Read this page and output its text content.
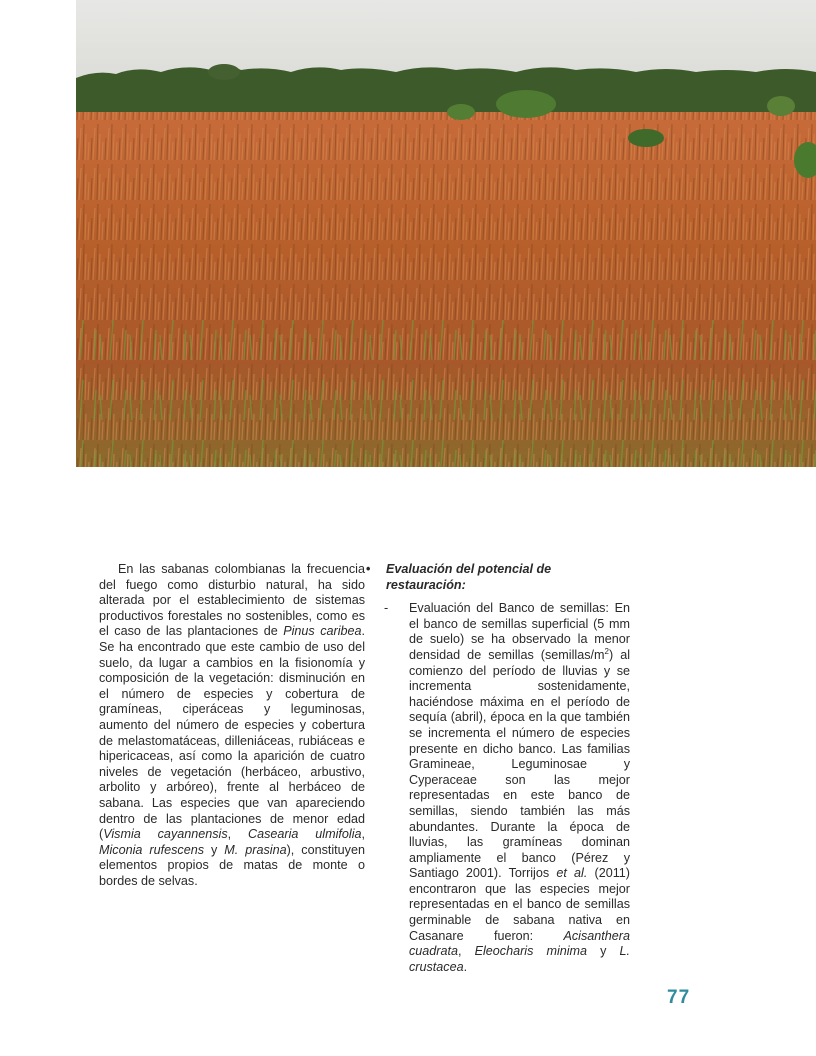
En las sabanas colombianas la frecuencia del fuego como disturbio natural, ha sido alterada por el establecimiento de sistemas productivos forestales no sostenibles, como es el caso de las plantaciones de Pinus caribea. Se ha encontrado que este cambio de uso del suelo, da lugar a cambios en la fisionomía y composición de la vegetación: disminución en el número de especies y cobertura de gramíneas, ciperáceas y leguminosas, aumento del número de especies y cobertura de melastomatáceas, dilleniáceas, rubiáceas e hipericaceas, así como la aparición de cuatro niveles de vegetación (herbáceo, arbustivo, arbolito y arbóreo), frente al herbáceo de sabana. Las especies que van apareciendo dentro de las plantaciones de menor edad (Vismia cayannensis, Casearia ulmifolia, Miconia rufescens y M. prasina), constituyen elementos propios de matas de monte o bordes de selvas.

• Evaluación del potencial de restauración:
- Evaluación del Banco de semillas: En el banco de semillas superficial (5 mm de suelo) se ha observado la menor densidad de semillas $(semillas/m^2)$ al comienzo del período de lluvias y se incrementa sostenidamente, haciéndose máxima en el período de sequía (abril), época en la que también se incrementa el número de especies presente en dicho banco. Las familias Gramineae, Leguminosae y Cyperaceae son las mejor representadas en este banco de semillas, siendo también las más abundantes. Durante la época de lluvias, las gramíneas dominan ampliamente el banco (Pérez y Santiago 2001). Torrijos et al. (2011) encontraron que las especies mejor representadas en el banco de semillas germinable de sabana nativa en Casanare fueron: Acisanthera cuadrata, Eleocharis minima y L. crustacea.

77
